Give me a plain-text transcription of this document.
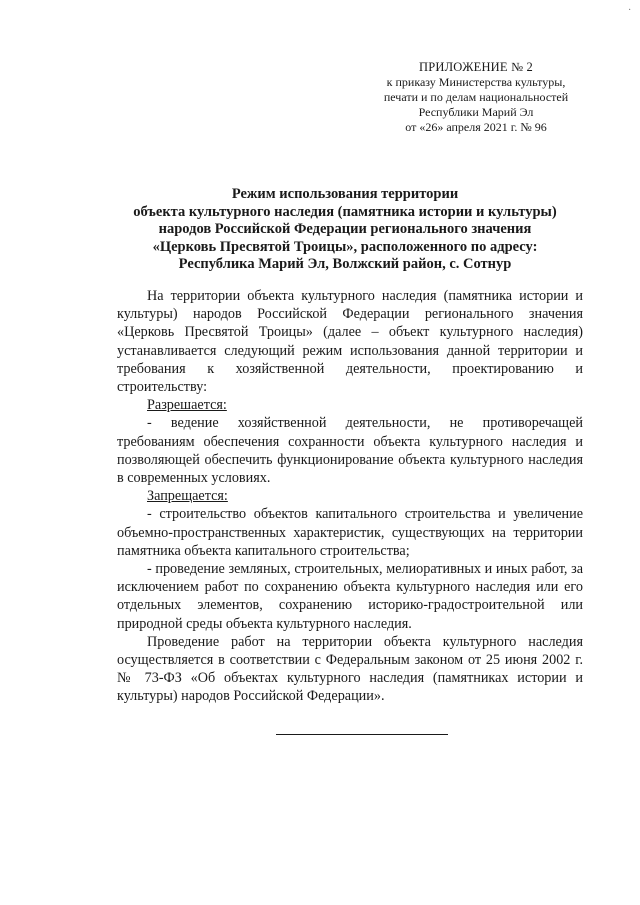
·
ПРИЛОЖЕНИЕ № 2
к приказу Министерства культуры,
печати и по делам национальностей
Республики Марий Эл
от «26» апреля 2021 г. № 96
Режим использования территории
объекта культурного наследия (памятника истории и культуры)
народов Российской Федерации регионального значения
«Церковь Пресвятой Троицы», расположенного по адресу:
Республика Марий Эл, Волжский район, с. Сотнур

На территории объекта культурного наследия (памятника истории и культуры) народов Российской Федерации регионального значения «Церковь Пресвятой Троицы» (далее – объект культурного наследия) устанавливается следующий режим использования данной территории и требования к хозяйственной деятельности, проектированию и строительству:

Разрешается:

- ведение хозяйственной деятельности, не противоречащей требованиям обеспечения сохранности объекта культурного наследия и позволяющей обеспечить функционирование объекта культурного наследия в современных условиях.

Запрещается:

- строительство объектов капитального строительства и увеличение объемно-пространственных характеристик, существующих на территории памятника объекта капитального строительства;

- проведение земляных, строительных, мелиоративных и иных работ, за исключением работ по сохранению объекта культурного наследия или его отдельных элементов, сохранению историко-градостроительной или природной среды объекта культурного наследия.

Проведение работ на территории объекта культурного наследия осуществляется в соответствии с Федеральным законом от 25 июня 2002 г. № 73-ФЗ «Об объектах культурного наследия (памятниках истории и культуры) народов Российской Федерации».
